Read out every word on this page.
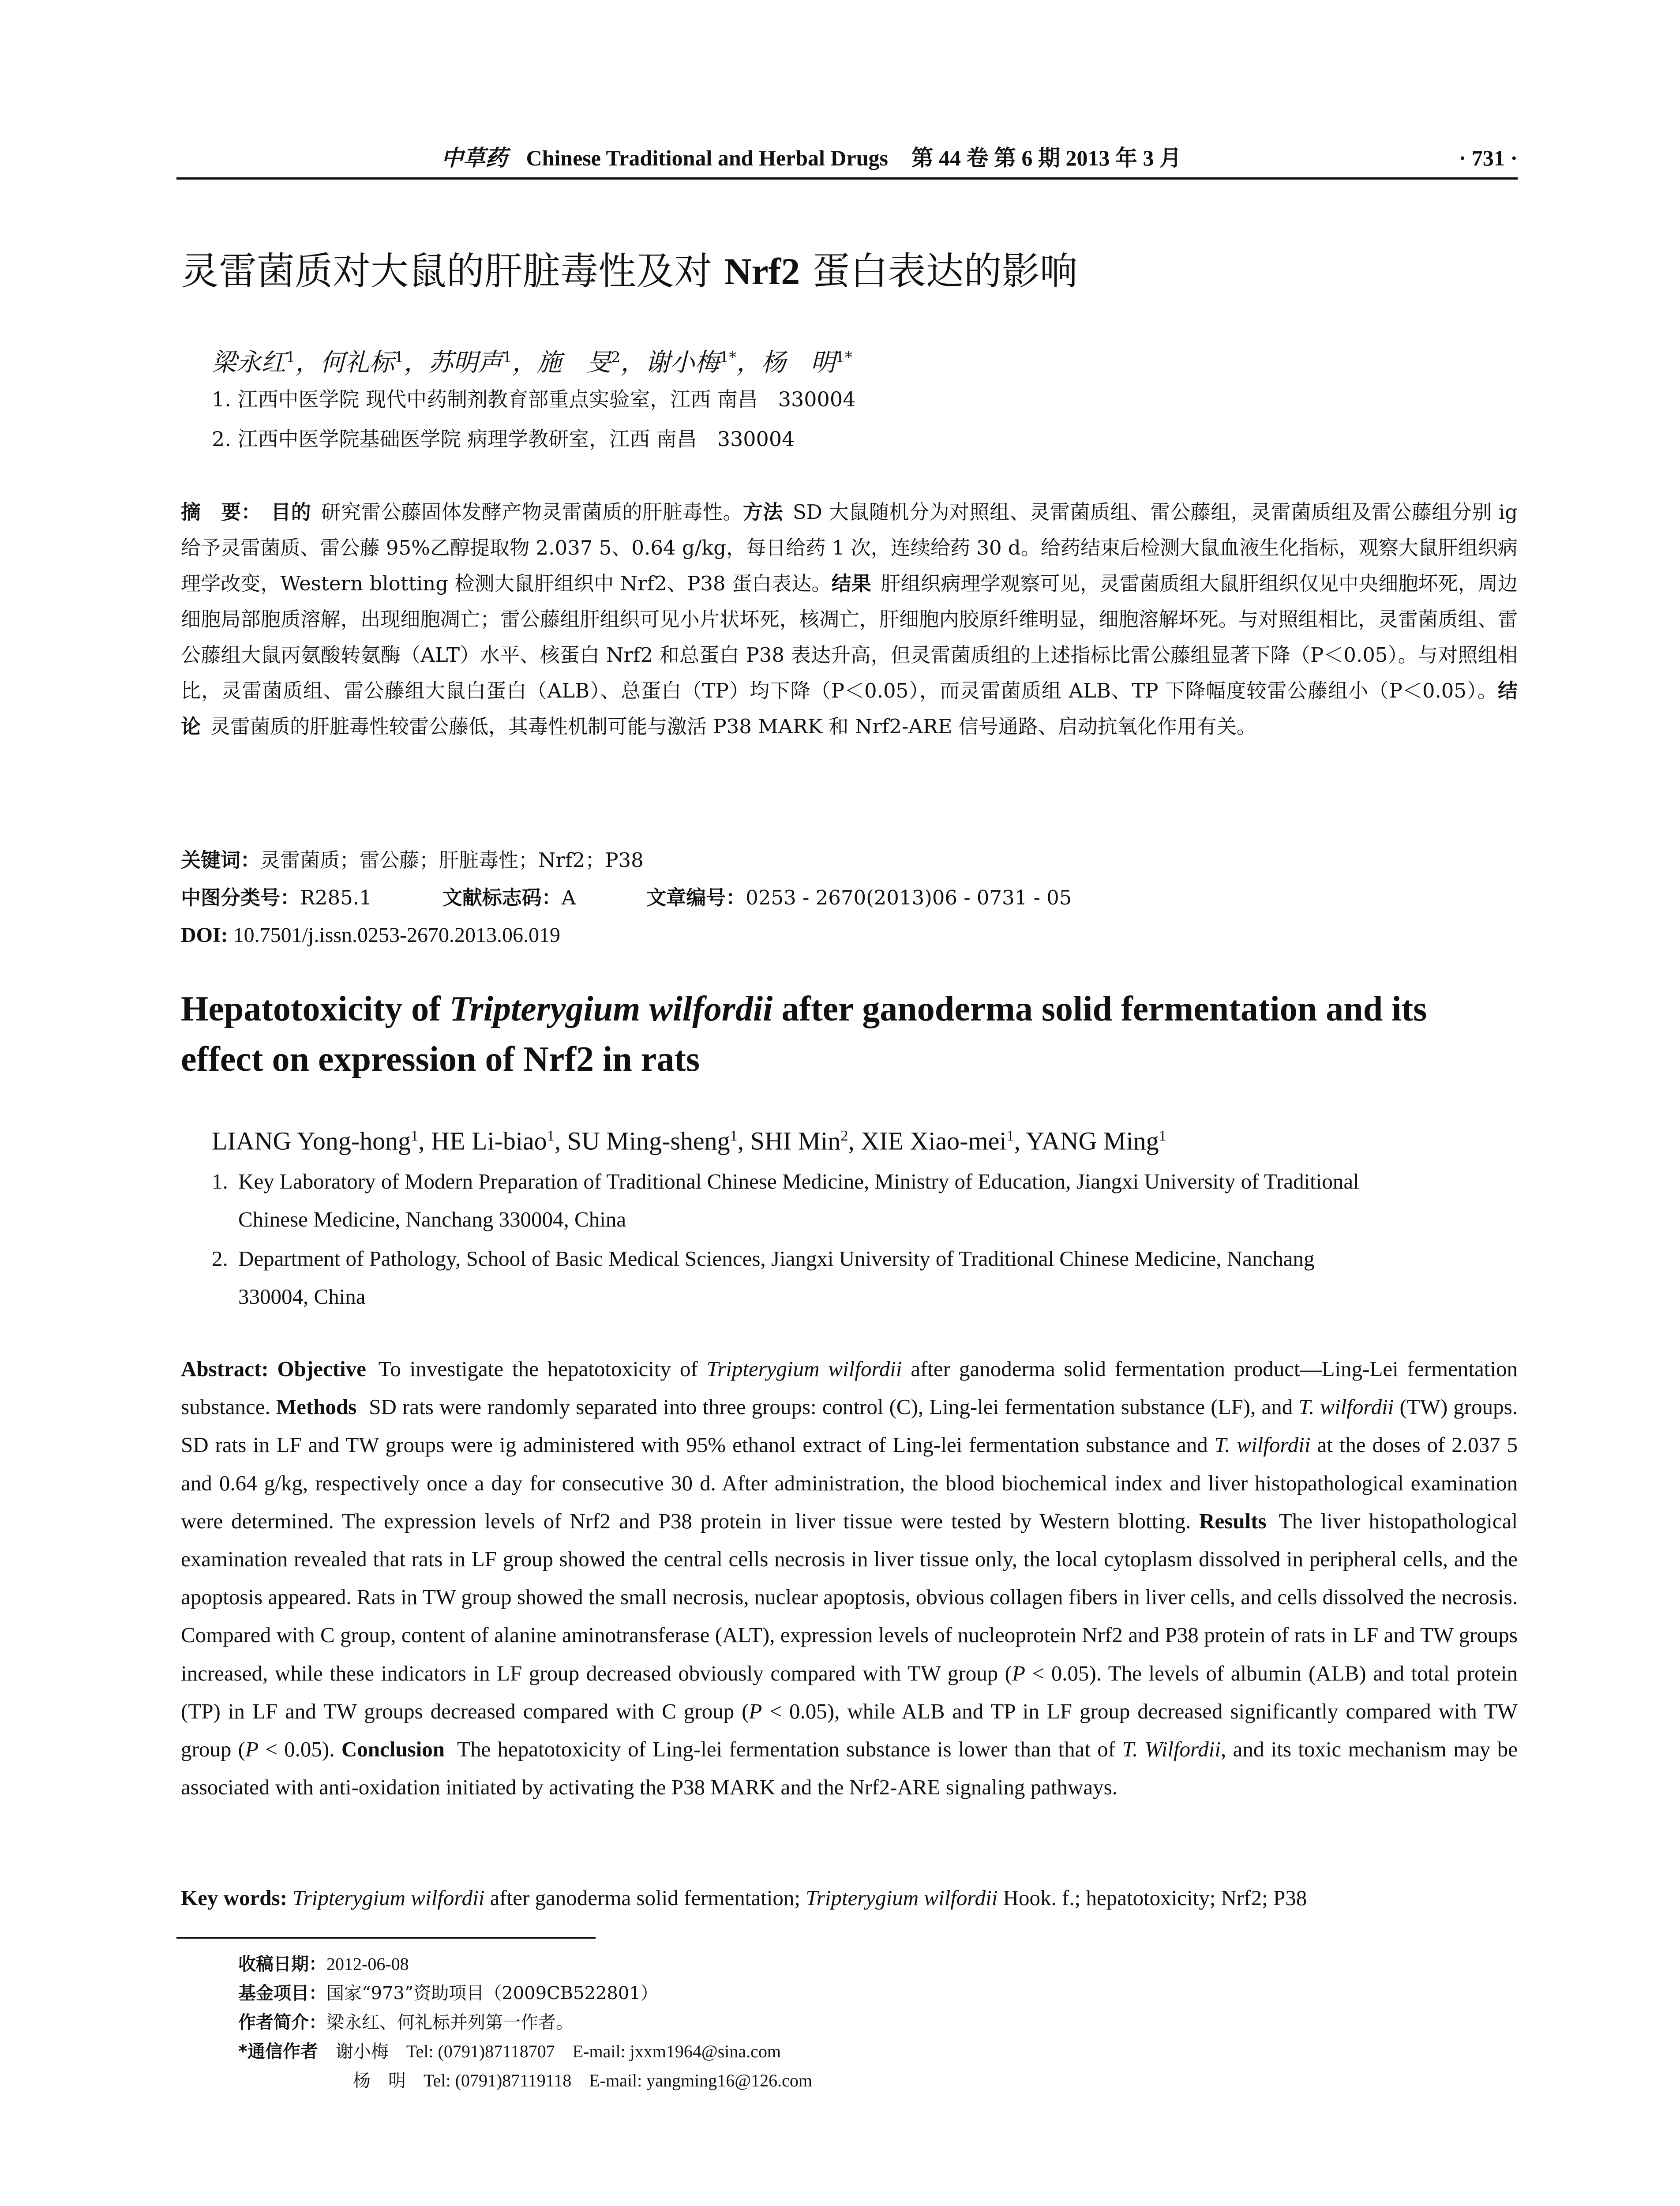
中草药 Chinese Traditional and Herbal Drugs 第 44 卷 第 6 期 2013 年 3 月	· 731 ·
灵雷菌质对大鼠的肝脏毒性及对 Nrf2 蛋白表达的影响
梁永红$^1$，何礼标$^1$，苏明声$^1$，施　旻$^2$，谢小梅$^{1*}$，杨　明$^{1*}$
1. 江西中医学院 现代中药制剂教育部重点实验室，江西 南昌　330004
2. 江西中医学院基础医学院 病理学教研室，江西 南昌　330004
摘　要： 目的 研究雷公藤固体发酵产物灵雷菌质的肝脏毒性。方法 SD 大鼠随机分为对照组、灵雷菌质组、雷公藤组，灵雷菌质组及雷公藤组分别 ig 给予灵雷菌质、雷公藤 95%乙醇提取物 2.037 5、0.64 g/kg，每日给药 1 次，连续给药 30 d。给药结束后检测大鼠血液生化指标，观察大鼠肝组织病理学改变，Western blotting 检测大鼠肝组织中 Nrf2、P38 蛋白表达。结果 肝组织病理学观察可见，灵雷菌质组大鼠肝组织仅见中央细胞坏死，周边细胞局部胞质溶解，出现细胞凋亡；雷公藤组肝组织可见小片状坏死，核凋亡，肝细胞内胶原纤维明显，细胞溶解坏死。与对照组相比，灵雷菌质组、雷公藤组大鼠丙氨酸转氨酶（ALT）水平、核蛋白 Nrf2 和总蛋白 P38 表达升高，但灵雷菌质组的上述指标比雷公藤组显著下降（P＜0.05）。与对照组相比，灵雷菌质组、雷公藤组大鼠白蛋白（ALB）、总蛋白（TP）均下降（P＜0.05），而灵雷菌质组 ALB、TP 下降幅度较雷公藤组小（P＜0.05）。结论 灵雷菌质的肝脏毒性较雷公藤低，其毒性机制可能与激活 P38 MARK 和 Nrf2-ARE 信号通路、启动抗氧化作用有关。
关键词：灵雷菌质；雷公藤；肝脏毒性；Nrf2；P38
中图分类号：R285.1	文献标志码：A	文章编号：0253 - 2670(2013)06 - 0731 - 05
DOI: 10.7501/j.issn.0253-2670.2013.06.019
Hepatotoxicity of Tripterygium wilfordii after ganoderma solid fermentation and its effect on expression of Nrf2 in rats
LIANG Yong-hong$^1$, HE Li-biao$^1$, SU Ming-sheng$^1$, SHI Min$^2$, XIE Xiao-mei$^1$, YANG Ming$^1$
1. Key Laboratory of Modern Preparation of Traditional Chinese Medicine, Ministry of Education, Jiangxi University of Traditional
Chinese Medicine, Nanchang 330004, China
2. Department of Pathology, School of Basic Medical Sciences, Jiangxi University of Traditional Chinese Medicine, Nanchang
330004, China
Abstract: Objective To investigate the hepatotoxicity of Tripterygium wilfordii after ganoderma solid fermentation product—Ling-Lei fermentation substance. Methods SD rats were randomly separated into three groups: control (C), Ling-lei fermentation substance (LF), and T. wilfordii (TW) groups. SD rats in LF and TW groups were ig administered with 95% ethanol extract of Ling-lei fermentation substance and T. wilfordii at the doses of 2.037 5 and 0.64 g/kg, respectively once a day for consecutive 30 d. After administration, the blood biochemical index and liver histopathological examination were determined. The expression levels of Nrf2 and P38 protein in liver tissue were tested by Western blotting. Results The liver histopathological examination revealed that rats in LF group showed the central cells necrosis in liver tissue only, the local cytoplasm dissolved in peripheral cells, and the apoptosis appeared. Rats in TW group showed the small necrosis, nuclear apoptosis, obvious collagen fibers in liver cells, and cells dissolved the necrosis. Compared with C group, content of alanine aminotransferase (ALT), expression levels of nucleoprotein Nrf2 and P38 protein of rats in LF and TW groups increased, while these indicators in LF group decreased obviously compared with TW group (P < 0.05). The levels of albumin (ALB) and total protein (TP) in LF and TW groups decreased compared with C group (P < 0.05), while ALB and TP in LF group decreased significantly compared with TW group (P < 0.05). Conclusion The hepatotoxicity of Ling-lei fermentation substance is lower than that of T. Wilfordii, and its toxic mechanism may be associated with anti-oxidation initiated by activating the P38 MARK and the Nrf2-ARE signaling pathways.
Key words: Tripterygium wilfordii after ganoderma solid fermentation; Tripterygium wilfordii Hook. f.; hepatotoxicity; Nrf2; P38
收稿日期：2012-06-08
基金项目：国家“973”资助项目（2009CB522801）
作者简介：梁永红、何礼标并列第一作者。
*通信作者 谢小梅 Tel: (0791)87118707 E-mail: jxxm1964@sina.com
杨　明 Tel: (0791)87119118 E-mail: yangming16@126.com
